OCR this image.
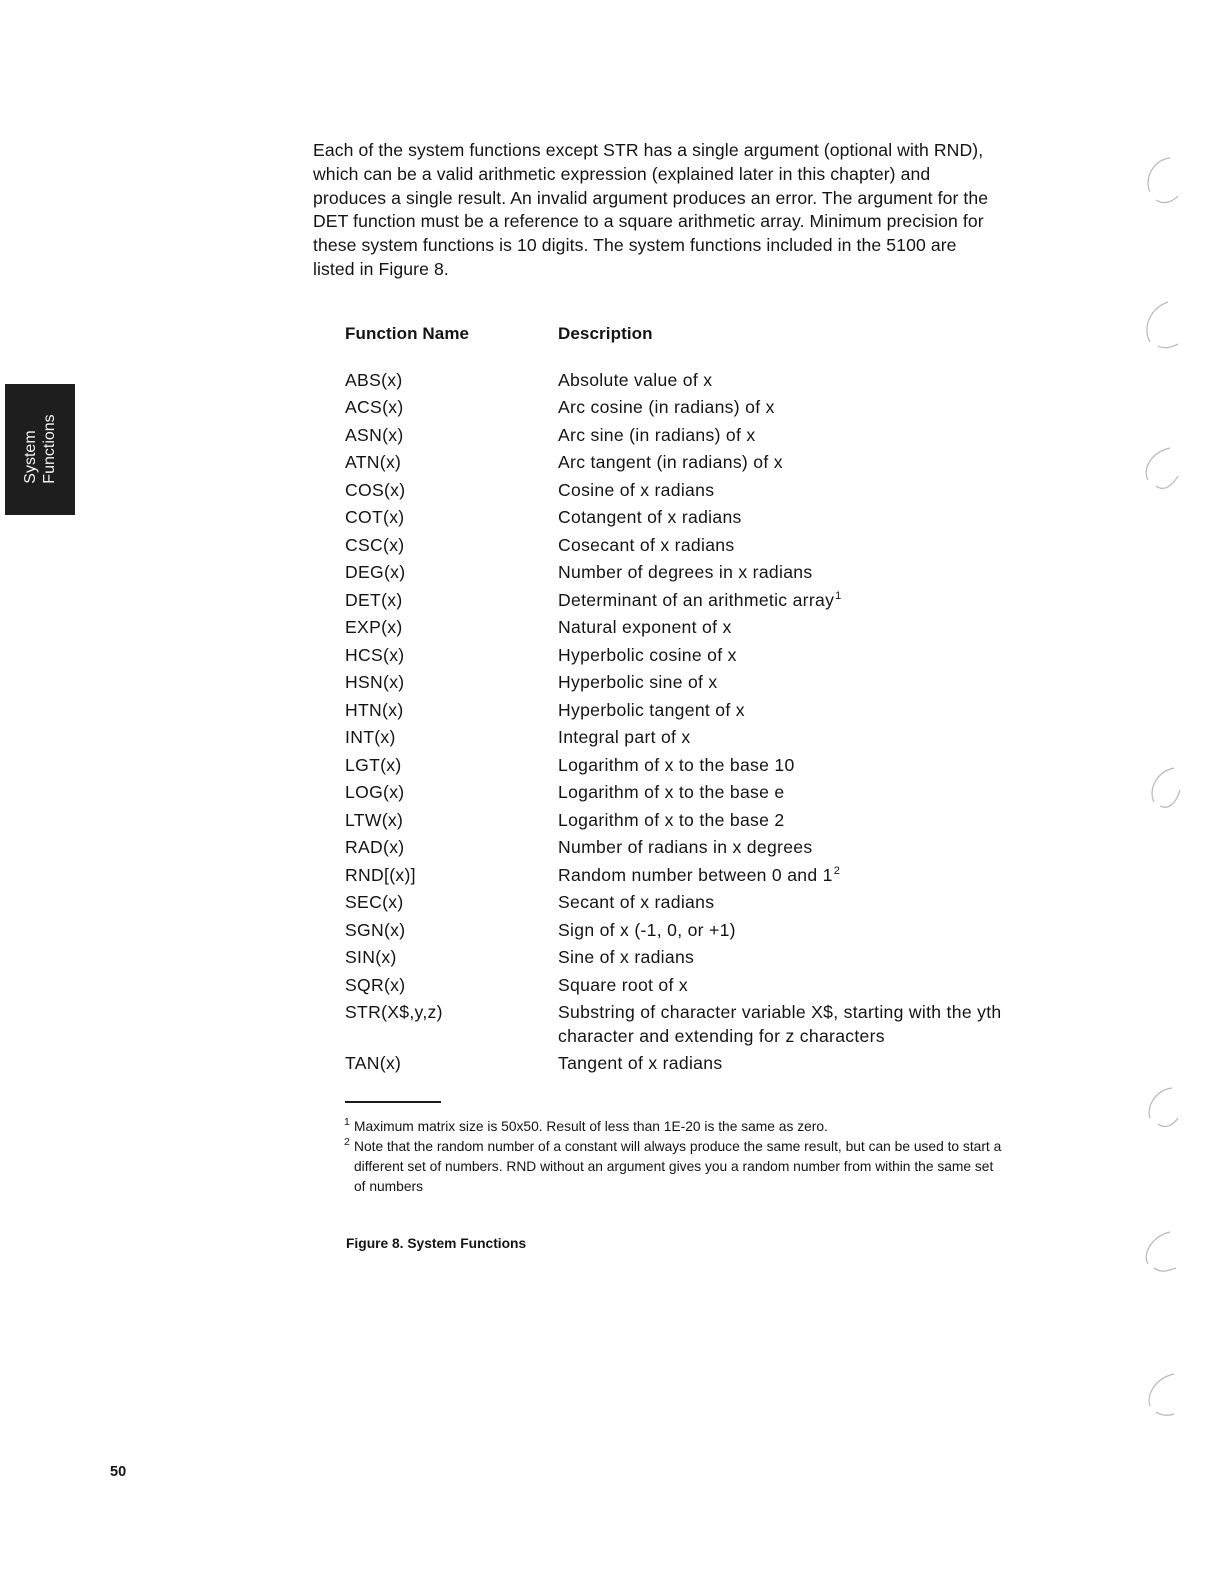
Each of the system functions except STR has a single argument (optional with RND), which can be a valid arithmetic expression (explained later in this chapter) and produces a single result. An invalid argument produces an error. The argument for the DET function must be a reference to a square arithmetic array. Minimum precision for these system functions is 10 digits. The system functions included in the 5100 are listed in Figure 8.

System Functions
Function Name	Description
ABS(x)	Absolute value of x
ACS(x)	Arc cosine (in radians) of x
ASN(x)	Arc sine (in radians) of x
ATN(x)	Arc tangent (in radians) of x
COS(x)	Cosine of x radians
COT(x)	Cotangent of x radians
CSC(x)	Cosecant of x radians
DEG(x)	Number of degrees in x radians
DET(x)	Determinant of an arithmetic array$^1$
EXP(x)	Natural exponent of x
HCS(x)	Hyperbolic cosine of x
HSN(x)	Hyperbolic sine of x
HTN(x)	Hyperbolic tangent of x
INT(x)	Integral part of x
LGT(x)	Logarithm of x to the base 10
LOG(x)	Logarithm of x to the base e
LTW(x)	Logarithm of x to the base 2
RAD(x)	Number of radians in x degrees
RND[(x)]	Random number between 0 and 1$^2$
SEC(x)	Secant of x radians
SGN(x)	Sign of x (-1, 0, or +1)
SIN(x)	Sine of x radians
SQR(x)	Square root of x
STR(X$,y,z)	Substring of character variable X$, starting with the yth character and extending for z characters
TAN(x)	Tangent of x radians
1 Maximum matrix size is 50x50. Result of less than 1E-20 is the same as zero.
2 Note that the random number of a constant will always produce the same result, but can be used to start a different set of numbers. RND without an argument gives you a random number from within the same set of numbers
Figure 8. System Functions
50
